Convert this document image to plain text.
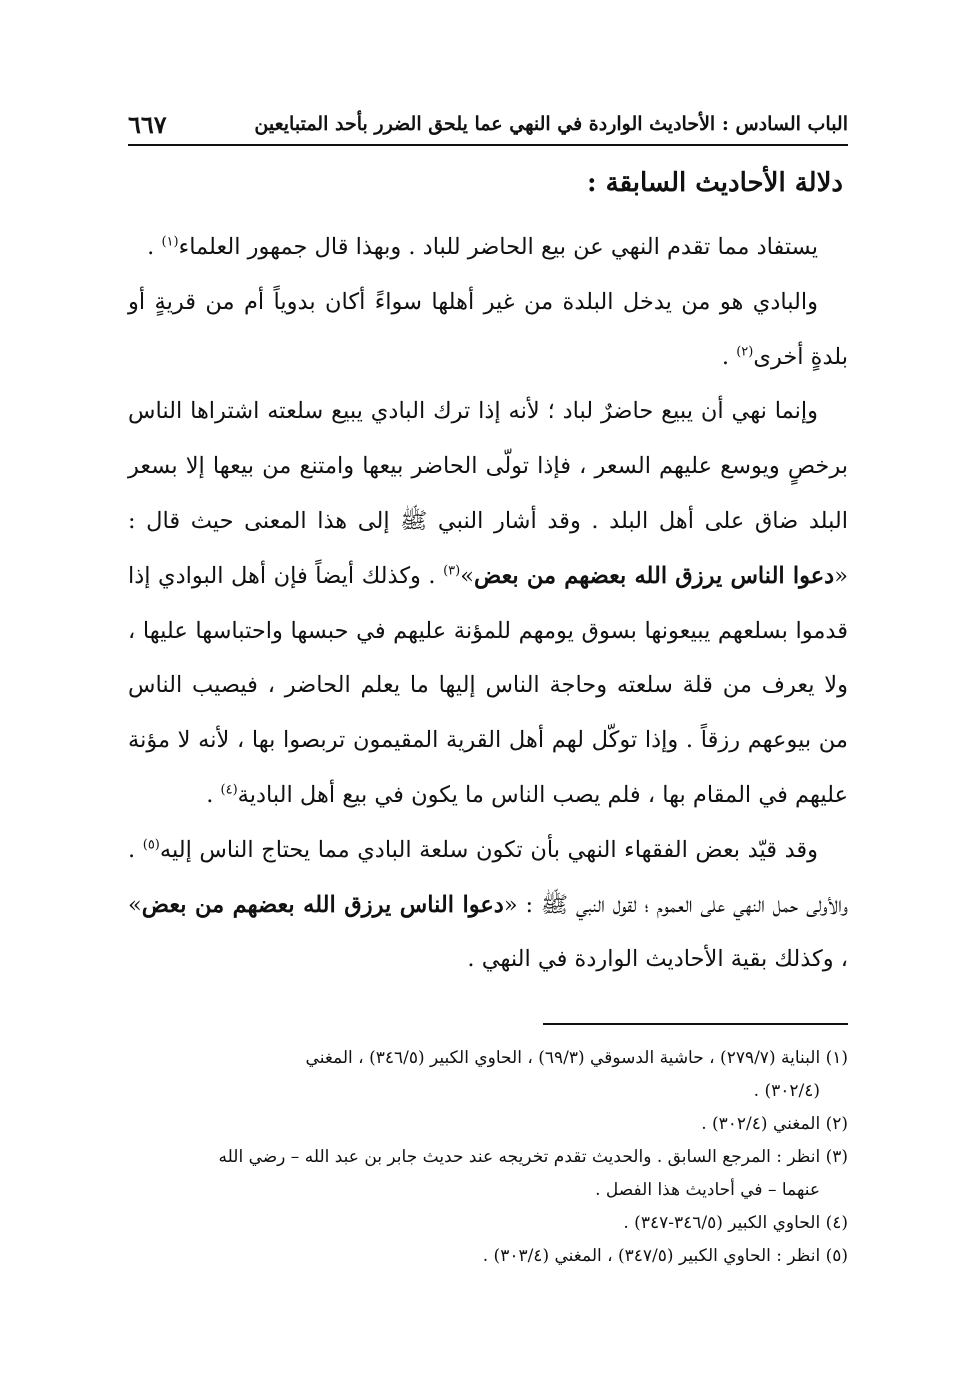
الباب السادس : الأحاديث الواردة في النهي عما يلحق الضرر بأحد المتبايعين
٦٦٧
دلالة الأحاديث السابقة :

يستفاد مما تقدم النهي عن بيع الحاضر للباد . وبهذا قال جمهور العلماء$^{(١)}$ .

والبادي هو من يدخل البلدة من غير أهلها سواءً أكان بدوياً أم من قريةٍ أو بلدةٍ أخرى$^{(٢)}$ .

وإنما نهي أن يبيع حاضرٌ لباد ؛ لأنه إذا ترك البادي يبيع سلعته اشتراها الناس برخصٍ ويوسع عليهم السعر ، فإذا تولّى الحاضر بيعها وامتنع من بيعها إلا بسعر البلد ضاق على أهل البلد . وقد أشار النبي ﷺ إلى هذا المعنى حيث قال : «دعوا الناس يرزق الله بعضهم من بعض»$^{(٣)}$ . وكذلك أيضاً فإن أهل البوادي إذا قدموا بسلعهم يبيعونها بسوق يومهم للمؤنة عليهم في حبسها واحتباسها عليها ، ولا يعرف من قلة سلعته وحاجة الناس إليها ما يعلم الحاضر ، فيصيب الناس من بيوعهم رزقاً . وإذا توكّل لهم أهل القرية المقيمون تربصوا بها ، لأنه لا مؤنة عليهم في المقام بها ، فلم يصب الناس ما يكون في بيع أهل البادية$^{(٤)}$ .

وقد قيّد بعض الفقهاء النهي بأن تكون سلعة البادي مما يحتاج الناس إليه$^{(٥)}$ . والأولى حمل النهي على العموم ؛ لقول النبي ﷺ : «دعوا الناس يرزق الله بعضهم من بعض» ، وكذلك بقية الأحاديث الواردة في النهي .

(١) البناية (٢٧٩/٧) ، حاشية الدسوقي (٦٩/٣) ، الحاوي الكبير (٣٤٦/٥) ، المغني

(٣٠٢/٤) .

(٢) المغني (٣٠٢/٤) .

(٣) انظر : المرجع السابق . والحديث تقدم تخريجه عند حديث جابر بن عبد الله – رضي الله

عنهما – في أحاديث هذا الفصل .

(٤) الحاوي الكبير (٣٤٦/٥-٣٤٧) .

(٥) انظر : الحاوي الكبير (٣٤٧/٥) ، المغني (٣٠٣/٤) .
